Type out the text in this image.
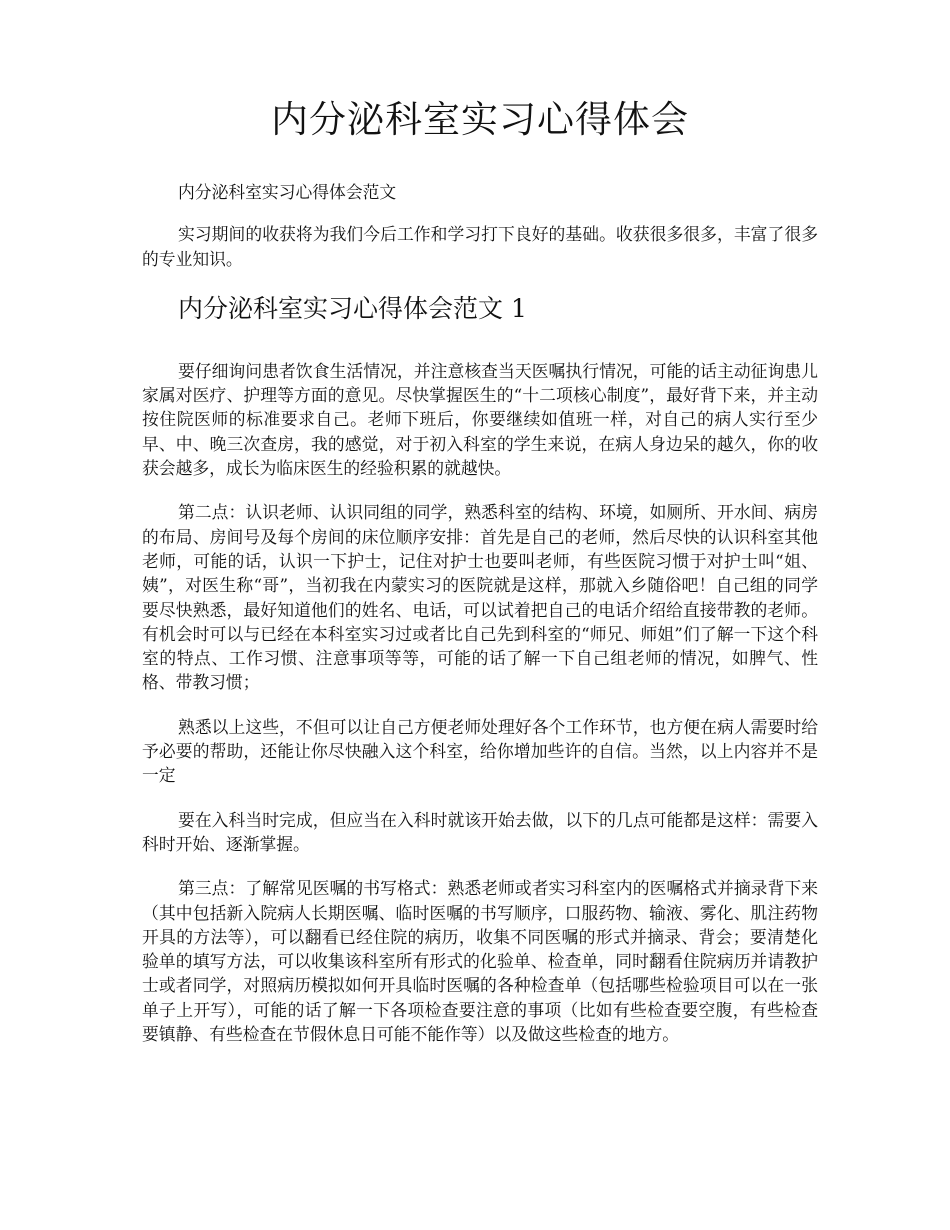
内分泌科室实习心得体会

内分泌科室实习心得体会范文

实习期间的收获将为我们今后工作和学习打下良好的基础。收获很多很多，丰富了很多的专业知识。

内分泌科室实习心得体会范文 1

要仔细询问患者饮食生活情况，并注意核查当天医嘱执行情况，可能的话主动征询患儿家属对医疗、护理等方面的意见。尽快掌握医生的“十二项核心制度”，最好背下来，并主动按住院医师的标准要求自己。老师下班后，你要继续如值班一样，对自己的病人实行至少早、中、晚三次查房，我的感觉，对于初入科室的学生来说，在病人身边呆的越久，你的收获会越多，成长为临床医生的经验积累的就越快。

第二点：认识老师、认识同组的同学，熟悉科室的结构、环境，如厕所、开水间、病房的布局、房间号及每个房间的床位顺序安排：首先是自己的老师，然后尽快的认识科室其他老师，可能的话，认识一下护士，记住对护士也要叫老师，有些医院习惯于对护士叫“姐、姨”，对医生称“哥”，当初我在内蒙实习的医院就是这样，那就入乡随俗吧！自己组的同学要尽快熟悉，最好知道他们的姓名、电话，可以试着把自己的电话介绍给直接带教的老师。有机会时可以与已经在本科室实习过或者比自己先到科室的“师兄、师姐”们了解一下这个科室的特点、工作习惯、注意事项等等，可能的话了解一下自己组老师的情况，如脾气、性格、带教习惯；

熟悉以上这些，不但可以让自己方便老师处理好各个工作环节，也方便在病人需要时给予必要的帮助，还能让你尽快融入这个科室，给你增加些许的自信。当然，以上内容并不是一定

要在入科当时完成，但应当在入科时就该开始去做，以下的几点可能都是这样：需要入科时开始、逐渐掌握。

第三点：了解常见医嘱的书写格式：熟悉老师或者实习科室内的医嘱格式并摘录背下来（其中包括新入院病人长期医嘱、临时医嘱的书写顺序，口服药物、输液、雾化、肌注药物开具的方法等），可以翻看已经住院的病历，收集不同医嘱的形式并摘录、背会；要清楚化验单的填写方法，可以收集该科室所有形式的化验单、检查单，同时翻看住院病历并请教护士或者同学，对照病历模拟如何开具临时医嘱的各种检查单（包括哪些检验项目可以在一张单子上开写），可能的话了解一下各项检查要注意的事项（比如有些检查要空腹，有些检查要镇静、有些检查在节假休息日可能不能作等）以及做这些检查的地方。
